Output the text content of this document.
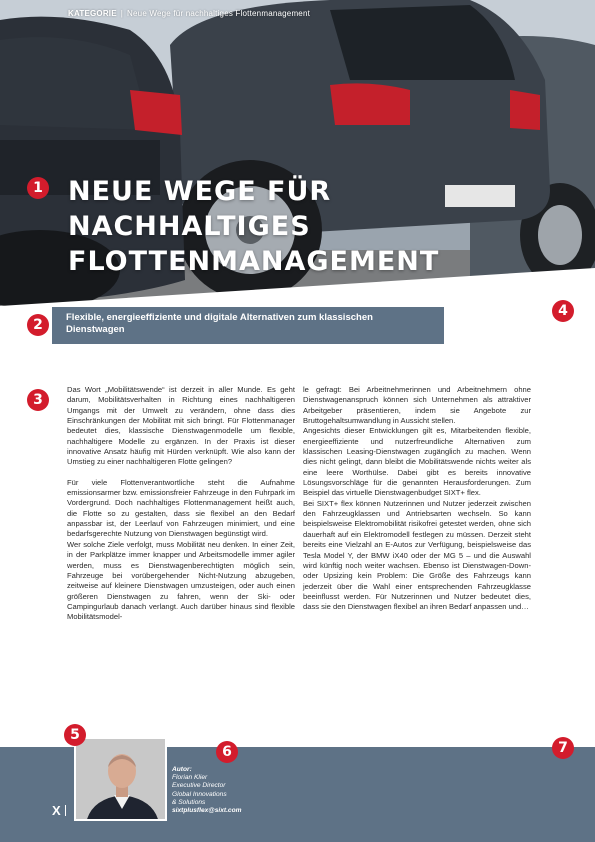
KATEGORIE | Neue Wege für nachhaltiges Flottenmanagement
1 NEUE WEGE FÜR
NACHHALTIGES
FLOTTENMANAGEMENT
4
2	Flexible, energieeffiziente und digitale Alternativen zum klassischen Dienstwagen
3

Das Wort „Mobilitätswende“ ist derzeit in aller Munde. Es geht darum, Mobilitätsverhalten in Richtung eines nachhaltigeren Umgangs mit der Umwelt zu verändern, ohne dass dies Einschränkungen der Mobilität mit sich bringt. Für Flottenmanager bedeutet dies, klassische Dienstwagenmodelle um flexible, nachhaltigere Modelle zu ergänzen. In der Praxis ist dieser innovative Ansatz häufig mit Hürden verknüpft. Wie also kann der Umstieg zu einer nachhaltigeren Flotte gelingen?

Für viele Flottenverantwortliche steht die Aufnahme emissionsarmer bzw. emissionsfreier Fahrzeuge in den Fuhrpark im Vordergrund. Doch nachhaltiges Flottenmanagement heißt auch, die Flotte so zu gestalten, dass sie flexibel an den Bedarf anpassbar ist, der Leerlauf von Fahrzeugen minimiert, und eine bedarfsgerechte Nutzung von Dienstwagen begünstigt wird.

Wer solche Ziele verfolgt, muss Mobilität neu denken. In einer Zeit, in der Parkplätze immer knapper und Arbeitsmodelle immer agiler werden, muss es Dienstwagenberechtigten möglich sein, Fahrzeuge bei vorübergehender Nicht-Nutzung abzugeben, zeitweise auf kleinere Dienstwagen umzusteigen, oder auch einen größeren Dienstwagen zu fahren, wenn der Ski- oder Campingurlaub danach verlangt. Auch darüber hinaus sind flexible Mobilitätsmodel-

le gefragt: Bei Arbeitnehmerinnen und Arbeitnehmern ohne Dienstwagenanspruch können sich Unternehmen als attraktiver Arbeitgeber präsentieren, indem sie Angebote zur Bruttogehaltsumwandlung in Aussicht stellen.

Angesichts dieser Entwicklungen gilt es, Mitarbeitenden flexible, energieeffiziente und nutzerfreundliche Alternativen zum klassischen Leasing-Dienstwagen zugänglich zu machen. Wenn dies nicht gelingt, dann bleibt die Mobilitätswende nichts weiter als eine leere Worthülse. Dabei gibt es bereits innovative Lösungsvorschläge für die genannten Herausforderungen. Zum Beispiel das virtuelle Dienstwagenbudget SIXT+ flex.

Bei SIXT+ flex können Nutzerinnen und Nutzer jederzeit zwischen den Fahrzeugklassen und Antriebsarten wechseln. So kann beispielsweise Elektromobilität risikofrei getestet werden, ohne sich dauerhaft auf ein Elektromodell festlegen zu müssen. Derzeit steht bereits eine Vielzahl an E-Autos zur Verfügung, beispielsweise das Tesla Model Y, der BMW iX40 oder der MG 5 – und die Auswahl wird künftig noch weiter wachsen. Ebenso ist Dienstwagen-Down- oder Upsizing kein Problem: Die Größe des Fahrzeugs kann jederzeit über die Wahl einer entsprechenden Fahrzeugklasse beeinflusst werden. Für Nutzerinnen und Nutzer bedeutet dies, dass sie den Dienstwagen flexibel an ihren Bedarf anpassen und…

5
6	7
Autor:
Florian Klier
Executive Director
Global Innovations
& Solutions
sixtplusflex@sixt.com
X
